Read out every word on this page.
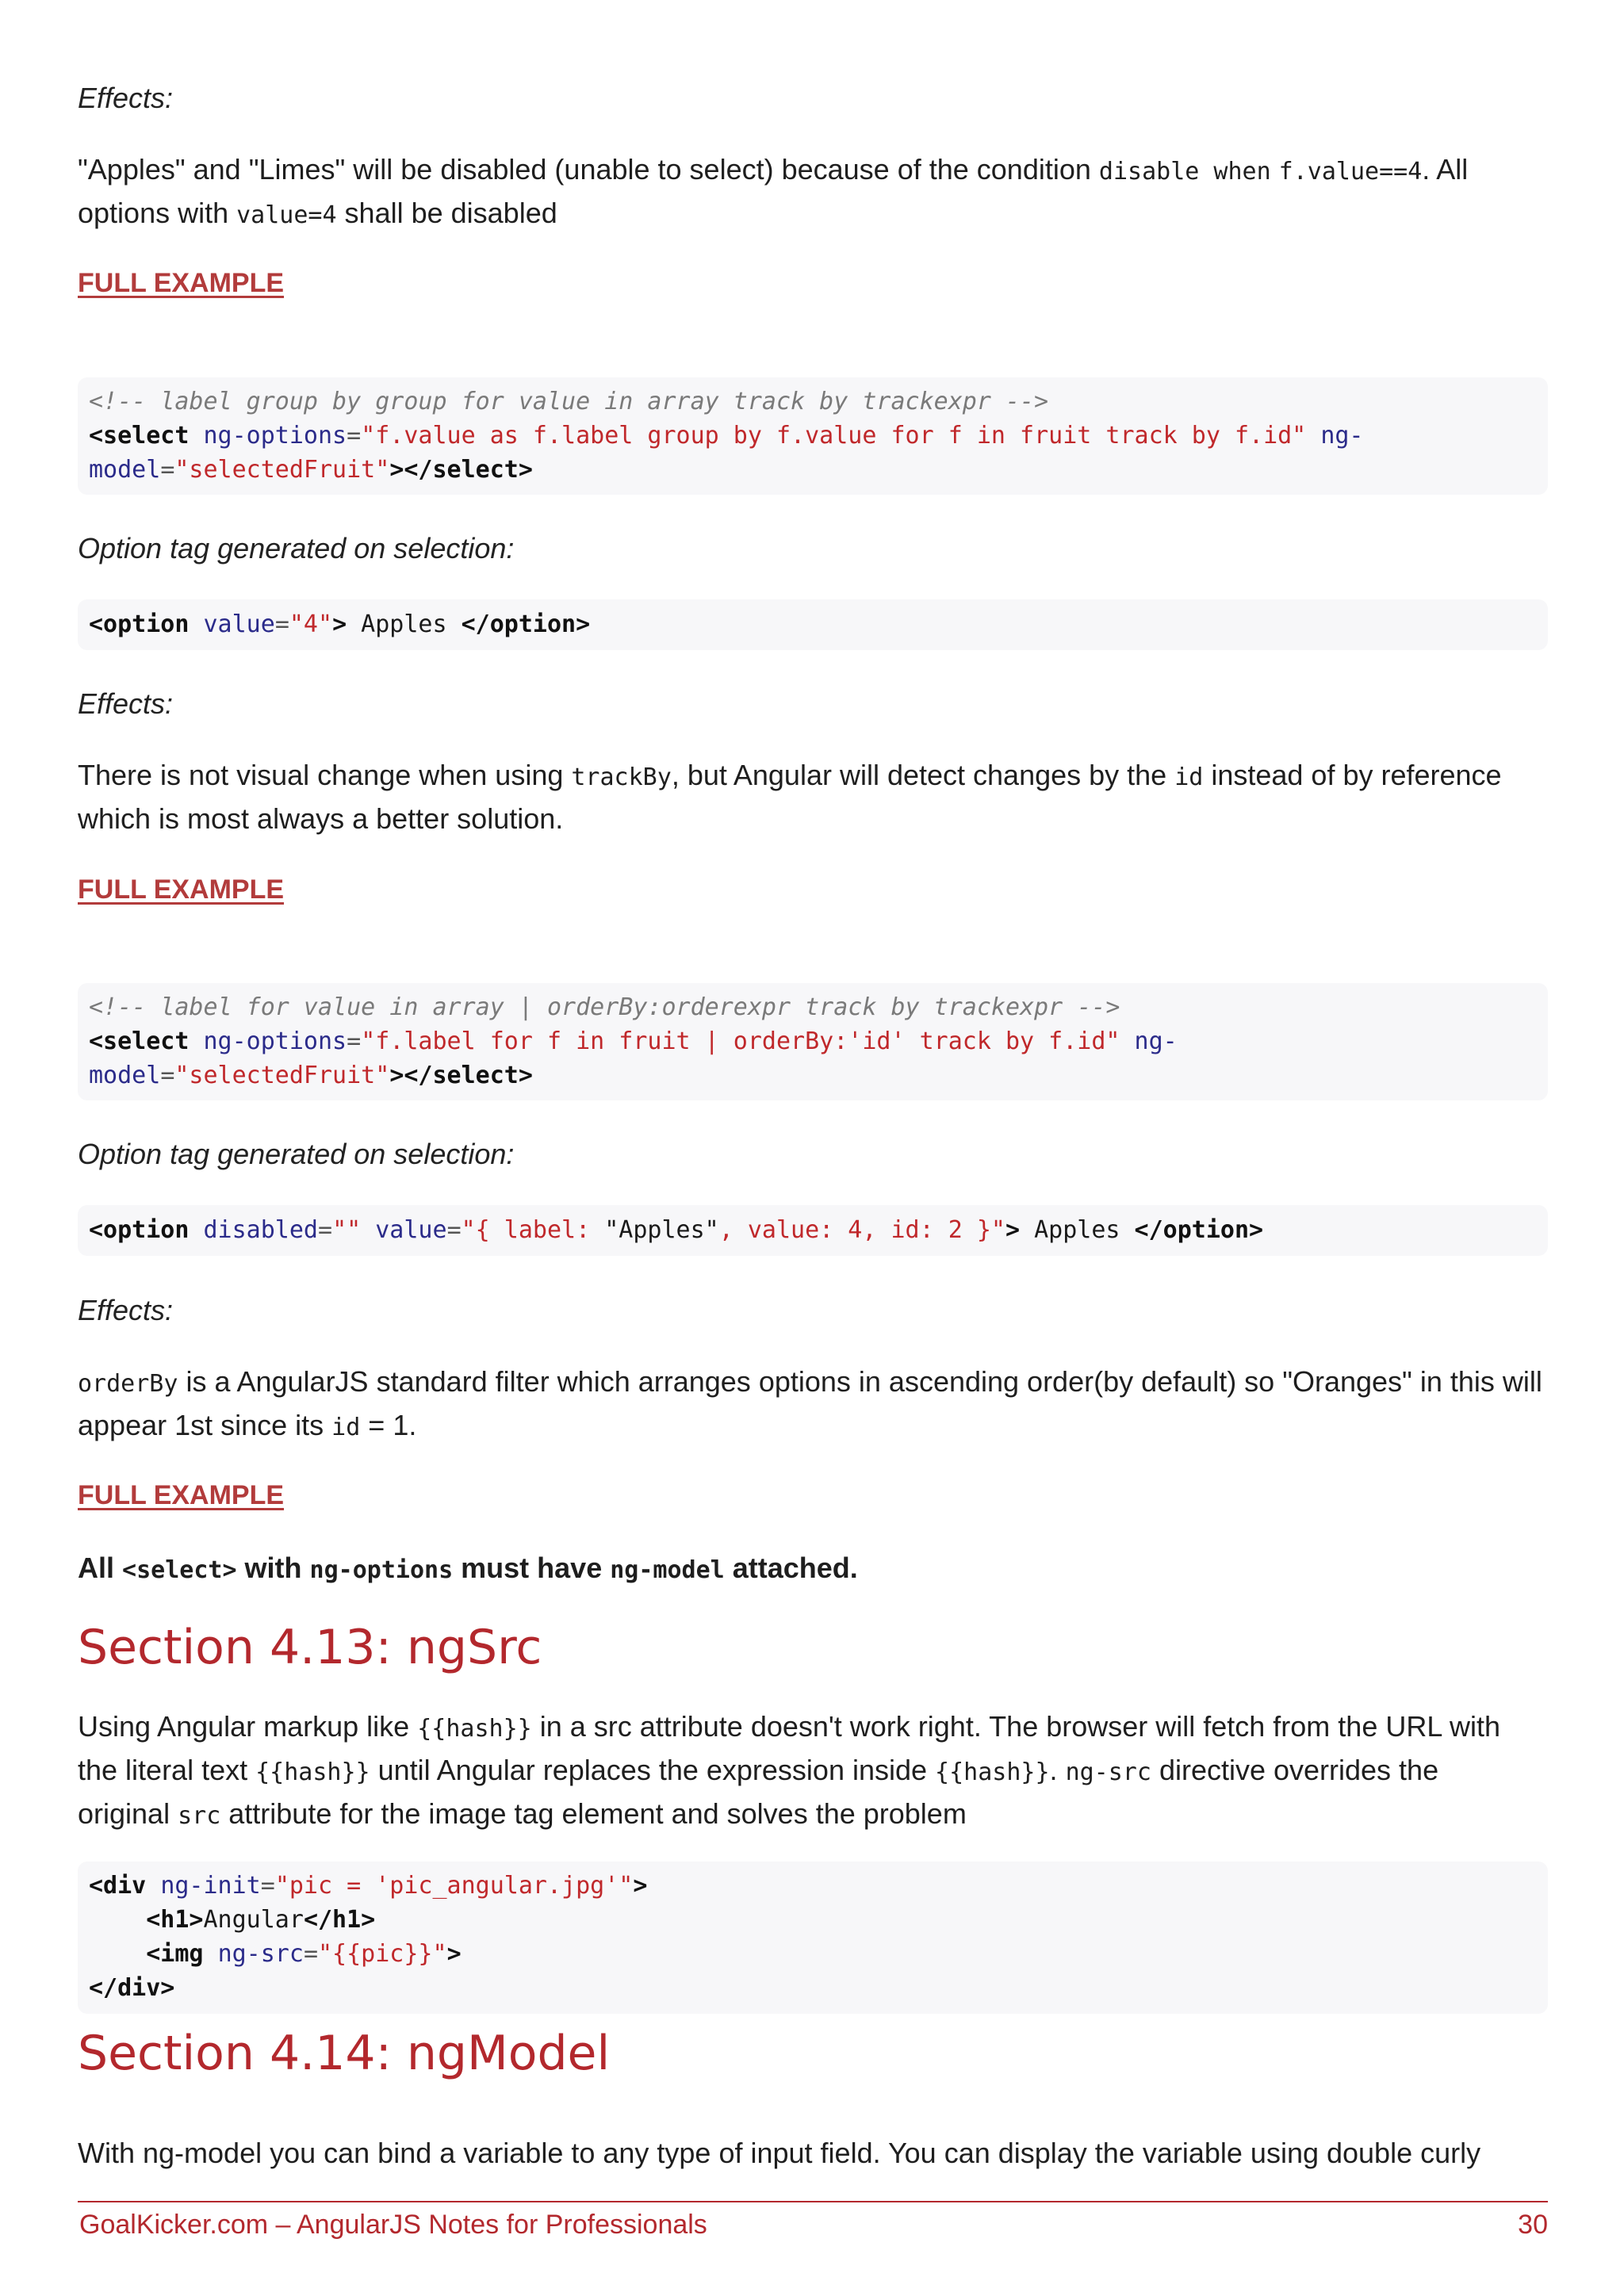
Effects:
"Apples" and "Limes" will be disabled (unable to select) because of the condition disable when f.value==4. All
options with value=4 shall be disabled
FULL EXAMPLE
<!-- label group by group for value in array track by trackexpr -->
<select ng-options="f.value as f.label group by f.value for f in fruit track by f.id" ng-
model="selectedFruit"></select>
Option tag generated on selection:
<option value="4"> Apples </option>
Effects:
There is not visual change when using trackBy, but Angular will detect changes by the id instead of by reference
which is most always a better solution.
FULL EXAMPLE
<!-- label for value in array | orderBy:orderexpr track by trackexpr -->
<select ng-options="f.label for f in fruit | orderBy:'id' track by f.id" ng-
model="selectedFruit"></select>
Option tag generated on selection:
<option disabled="" value="{ label: "Apples", value: 4, id: 2 }"> Apples </option>
Effects:
orderBy is a AngularJS standard filter which arranges options in ascending order(by default) so "Oranges" in this will
appear 1st since its id = 1.
FULL EXAMPLE
All <select> with ng-options must have ng-model attached.
Section 4.13: ngSrc
Using Angular markup like {{hash}} in a src attribute doesn't work right. The browser will fetch from the URL with
the literal text {{hash}} until Angular replaces the expression inside {{hash}}. ng-src directive overrides the
original src attribute for the image tag element and solves the problem
<div ng-init="pic = 'pic_angular.jpg'">
<h1>Angular</h1>
<img ng-src="{{pic}}">
</div>
Section 4.14: ngModel
With ng-model you can bind a variable to any type of input field. You can display the variable using double curly
GoalKicker.com – AngularJS Notes for Professionals	30
